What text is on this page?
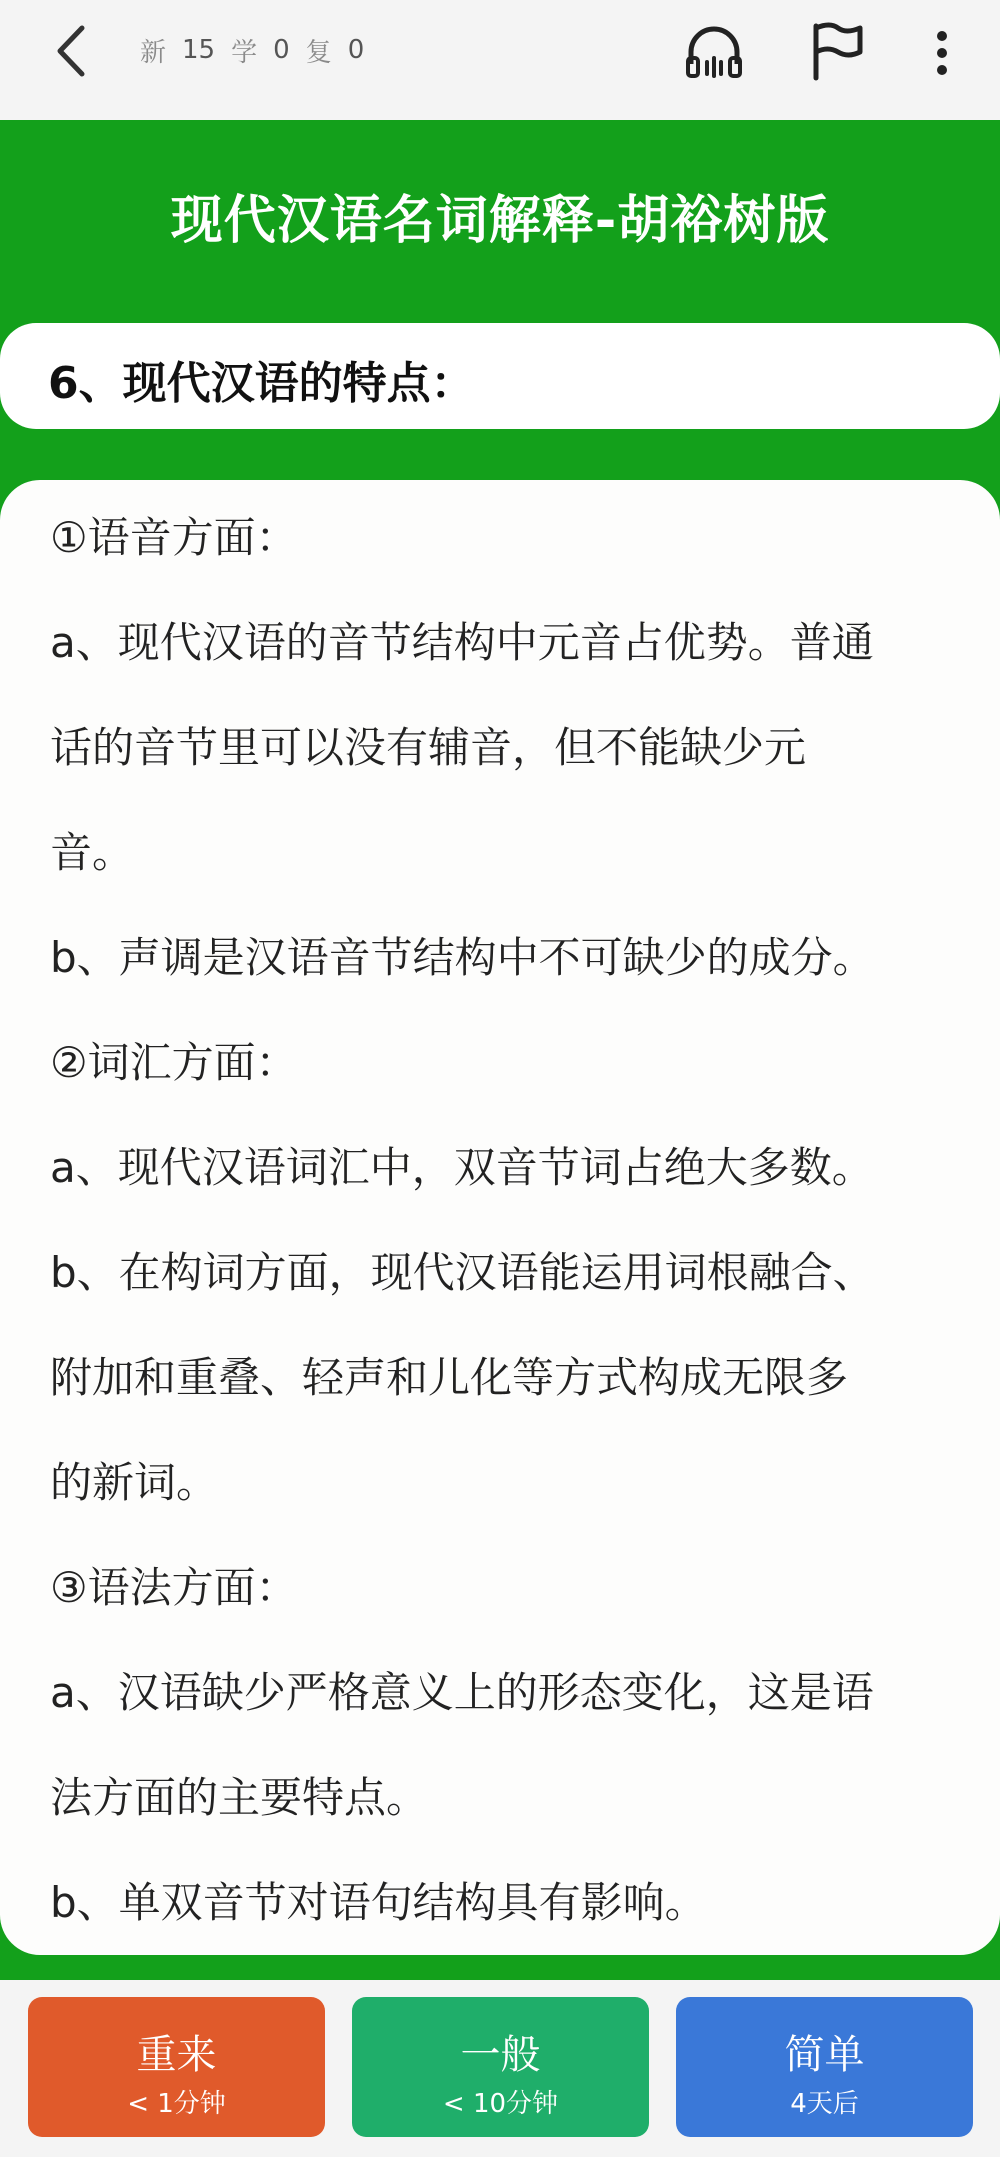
新 15 学 0 复 0
现代汉语名词解释-胡裕树版
6、现代汉语的特点：
①语音方面：
a、现代汉语的音节结构中元音占优势。普通
话的音节里可以没有辅音，但不能缺少元
音。
b、声调是汉语音节结构中不可缺少的成分。
②词汇方面：
a、现代汉语词汇中，双音节词占绝大多数。
b、在构词方面，现代汉语能运用词根融合、
附加和重叠、轻声和儿化等方式构成无限多
的新词。
③语法方面：
a、汉语缺少严格意义上的形态变化，这是语
法方面的主要特点。
b、单双音节对语句结构具有影响。
重来
< 1分钟
一般
< 10分钟
简单
4天后
